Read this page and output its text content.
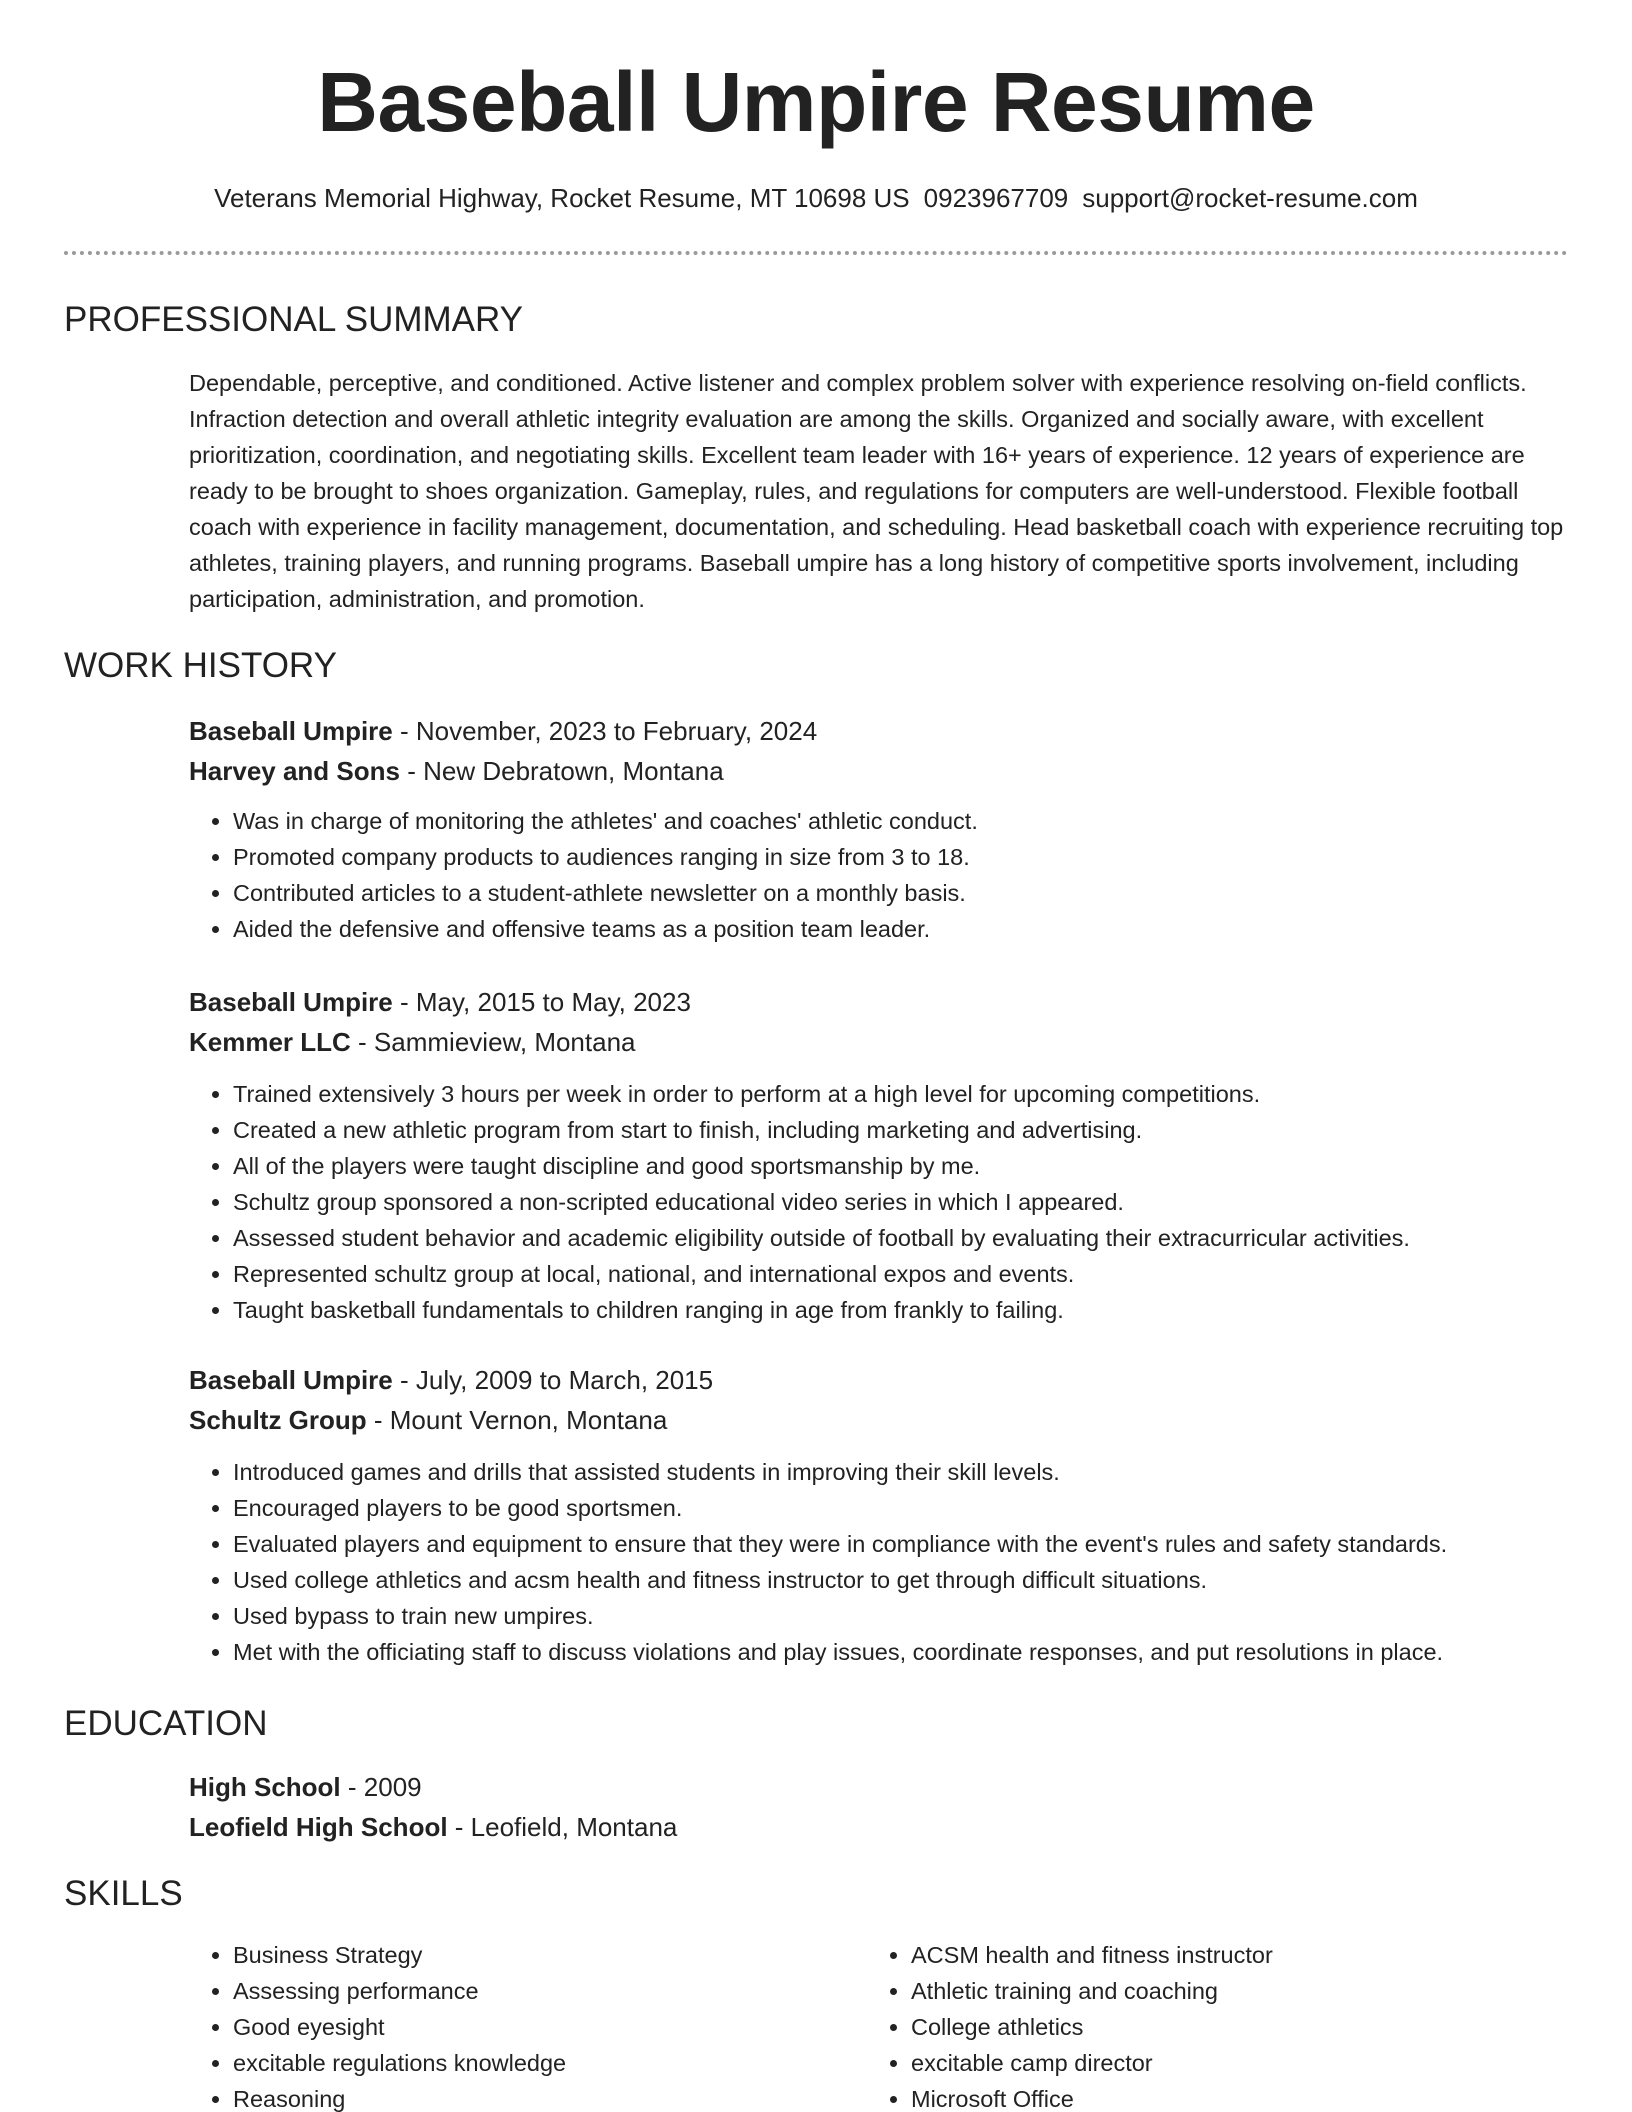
Baseball Umpire Resume
Veterans Memorial Highway, Rocket Resume, MT 10698 US 0923967709 support@rocket-resume.com
PROFESSIONAL SUMMARY

Dependable, perceptive, and conditioned. Active listener and complex problem solver with experience resolving on-field conflicts. Infraction detection and overall athletic integrity evaluation are among the skills. Organized and socially aware, with excellent prioritization, coordination, and negotiating skills. Excellent team leader with 16+ years of experience. 12 years of experience are ready to be brought to shoes organization. Gameplay, rules, and regulations for computers are well-understood. Flexible football coach with experience in facility management, documentation, and scheduling. Head basketball coach with experience recruiting top athletes, training players, and running programs. Baseball umpire has a long history of competitive sports involvement, including participation, administration, and promotion.

WORK HISTORY
Baseball Umpire - November, 2023 to February, 2024
Harvey and Sons - New Debratown, Montana
• Was in charge of monitoring the athletes' and coaches' athletic conduct.
• Promoted company products to audiences ranging in size from 3 to 18.
• Contributed articles to a student-athlete newsletter on a monthly basis.
• Aided the defensive and offensive teams as a position team leader.
Baseball Umpire - May, 2015 to May, 2023
Kemmer LLC - Sammieview, Montana
• Trained extensively 3 hours per week in order to perform at a high level for upcoming competitions.
• Created a new athletic program from start to finish, including marketing and advertising.
• All of the players were taught discipline and good sportsmanship by me.
• Schultz group sponsored a non-scripted educational video series in which I appeared.
• Assessed student behavior and academic eligibility outside of football by evaluating their extracurricular activities.
• Represented schultz group at local, national, and international expos and events.
• Taught basketball fundamentals to children ranging in age from frankly to failing.
Baseball Umpire - July, 2009 to March, 2015
Schultz Group - Mount Vernon, Montana
• Introduced games and drills that assisted students in improving their skill levels.
• Encouraged players to be good sportsmen.
• Evaluated players and equipment to ensure that they were in compliance with the event's rules and safety standards.
• Used college athletics and acsm health and fitness instructor to get through difficult situations.
• Used bypass to train new umpires.
• Met with the officiating staff to discuss violations and play issues, coordinate responses, and put resolutions in place.
EDUCATION
High School - 2009
Leofield High School - Leofield, Montana
SKILLS
• Business Strategy
• Assessing performance
• Good eyesight
• excitable regulations knowledge
• Reasoning
• ACSM health and fitness instructor
• Athletic training and coaching
• College athletics
• excitable camp director
• Microsoft Office
